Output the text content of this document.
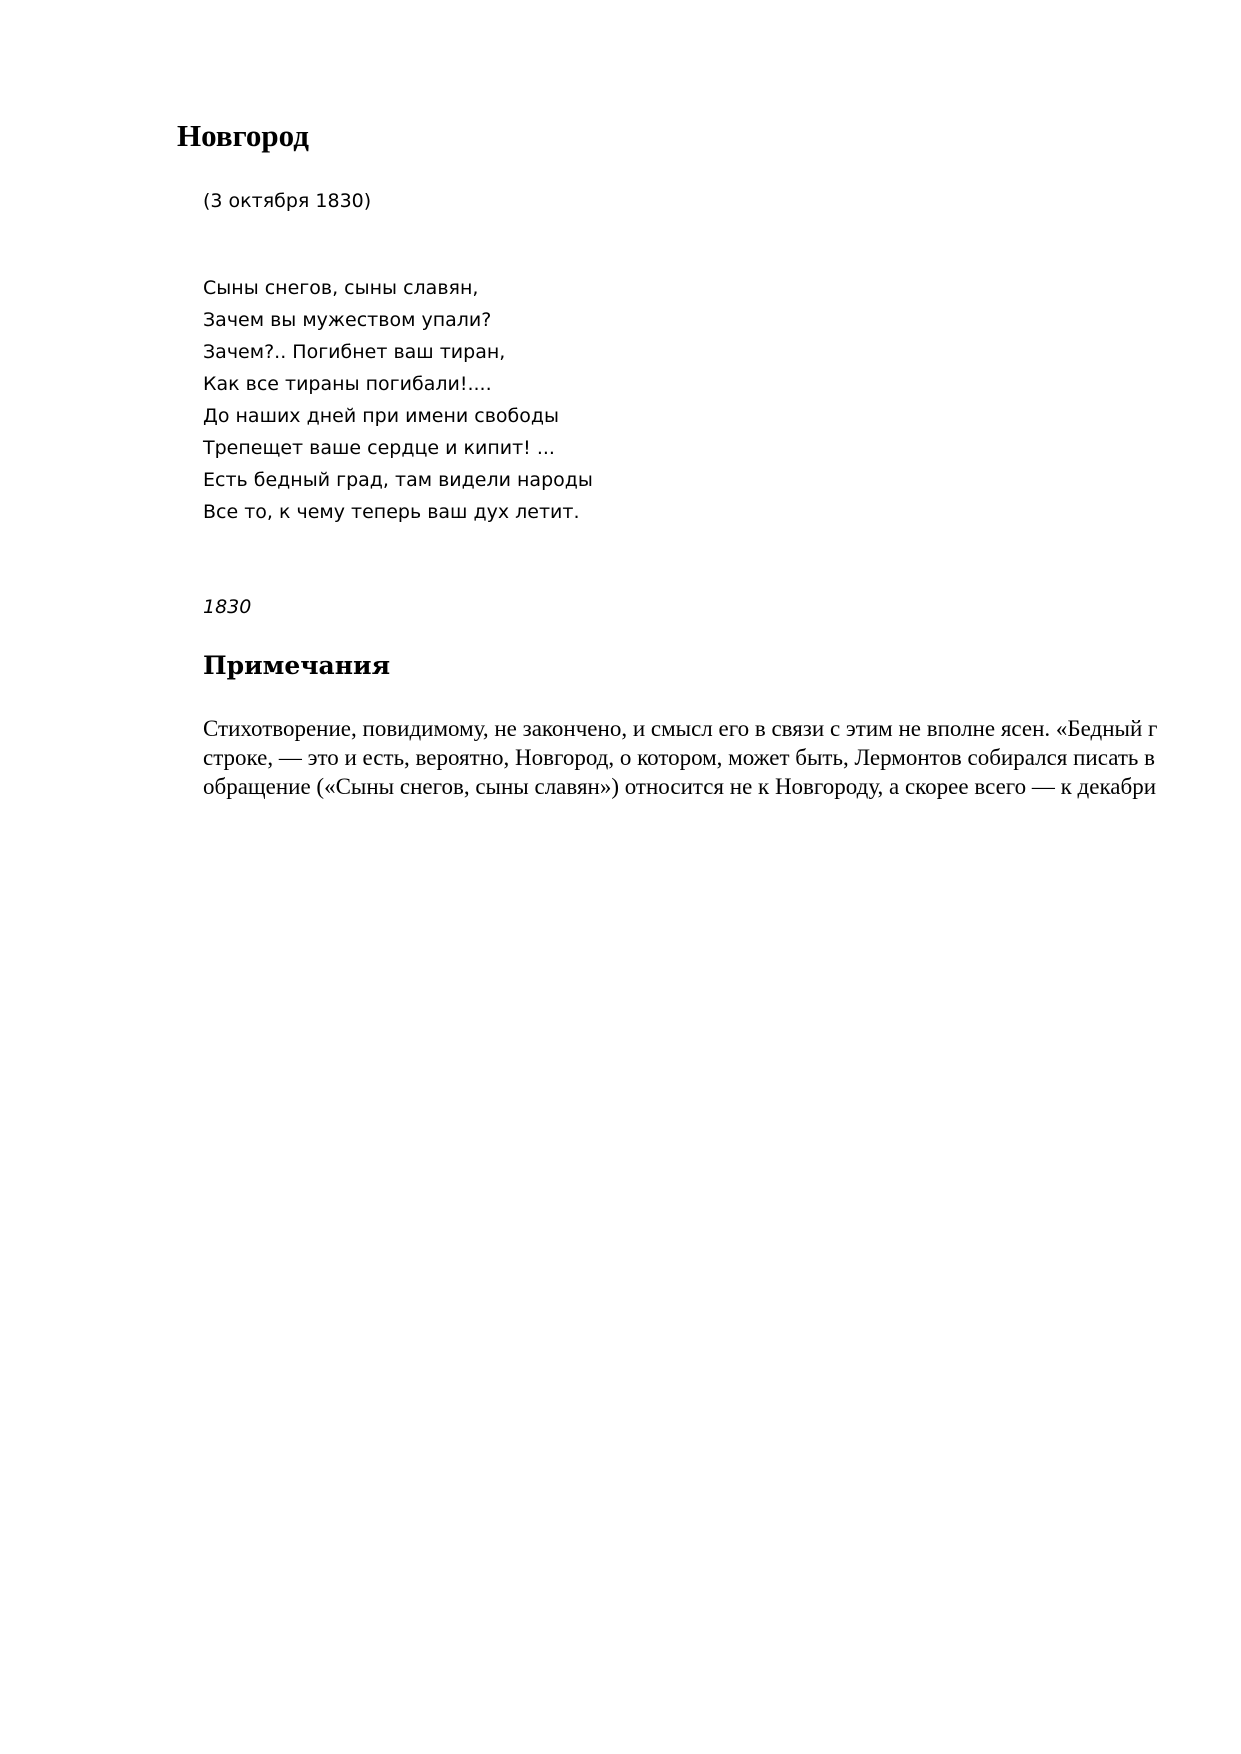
Новгород

(3 октября 1830)

Сыны снегов, сыны славян,
Зачем вы мужеством упали?
Зачем?.. Погибнет ваш тиран,
Как все тираны погибали!....
До наших дней при имени свободы
Трепещет ваше сердце и кипит! ...
Есть бедный град, там видели народы
Все то, к чему теперь ваш дух летит.

1830

Примечания
Стихотворение, повидимому, не закончено, и смысл его в связи с этим не вполне ясен. «Бедный г
строке, — это и есть, вероятно, Новгород, о котором, может быть, Лермонтов собирался писать в
обращение («Сыны снегов, сыны славян») относится не к Новгороду, а скорее всего — к декабри
